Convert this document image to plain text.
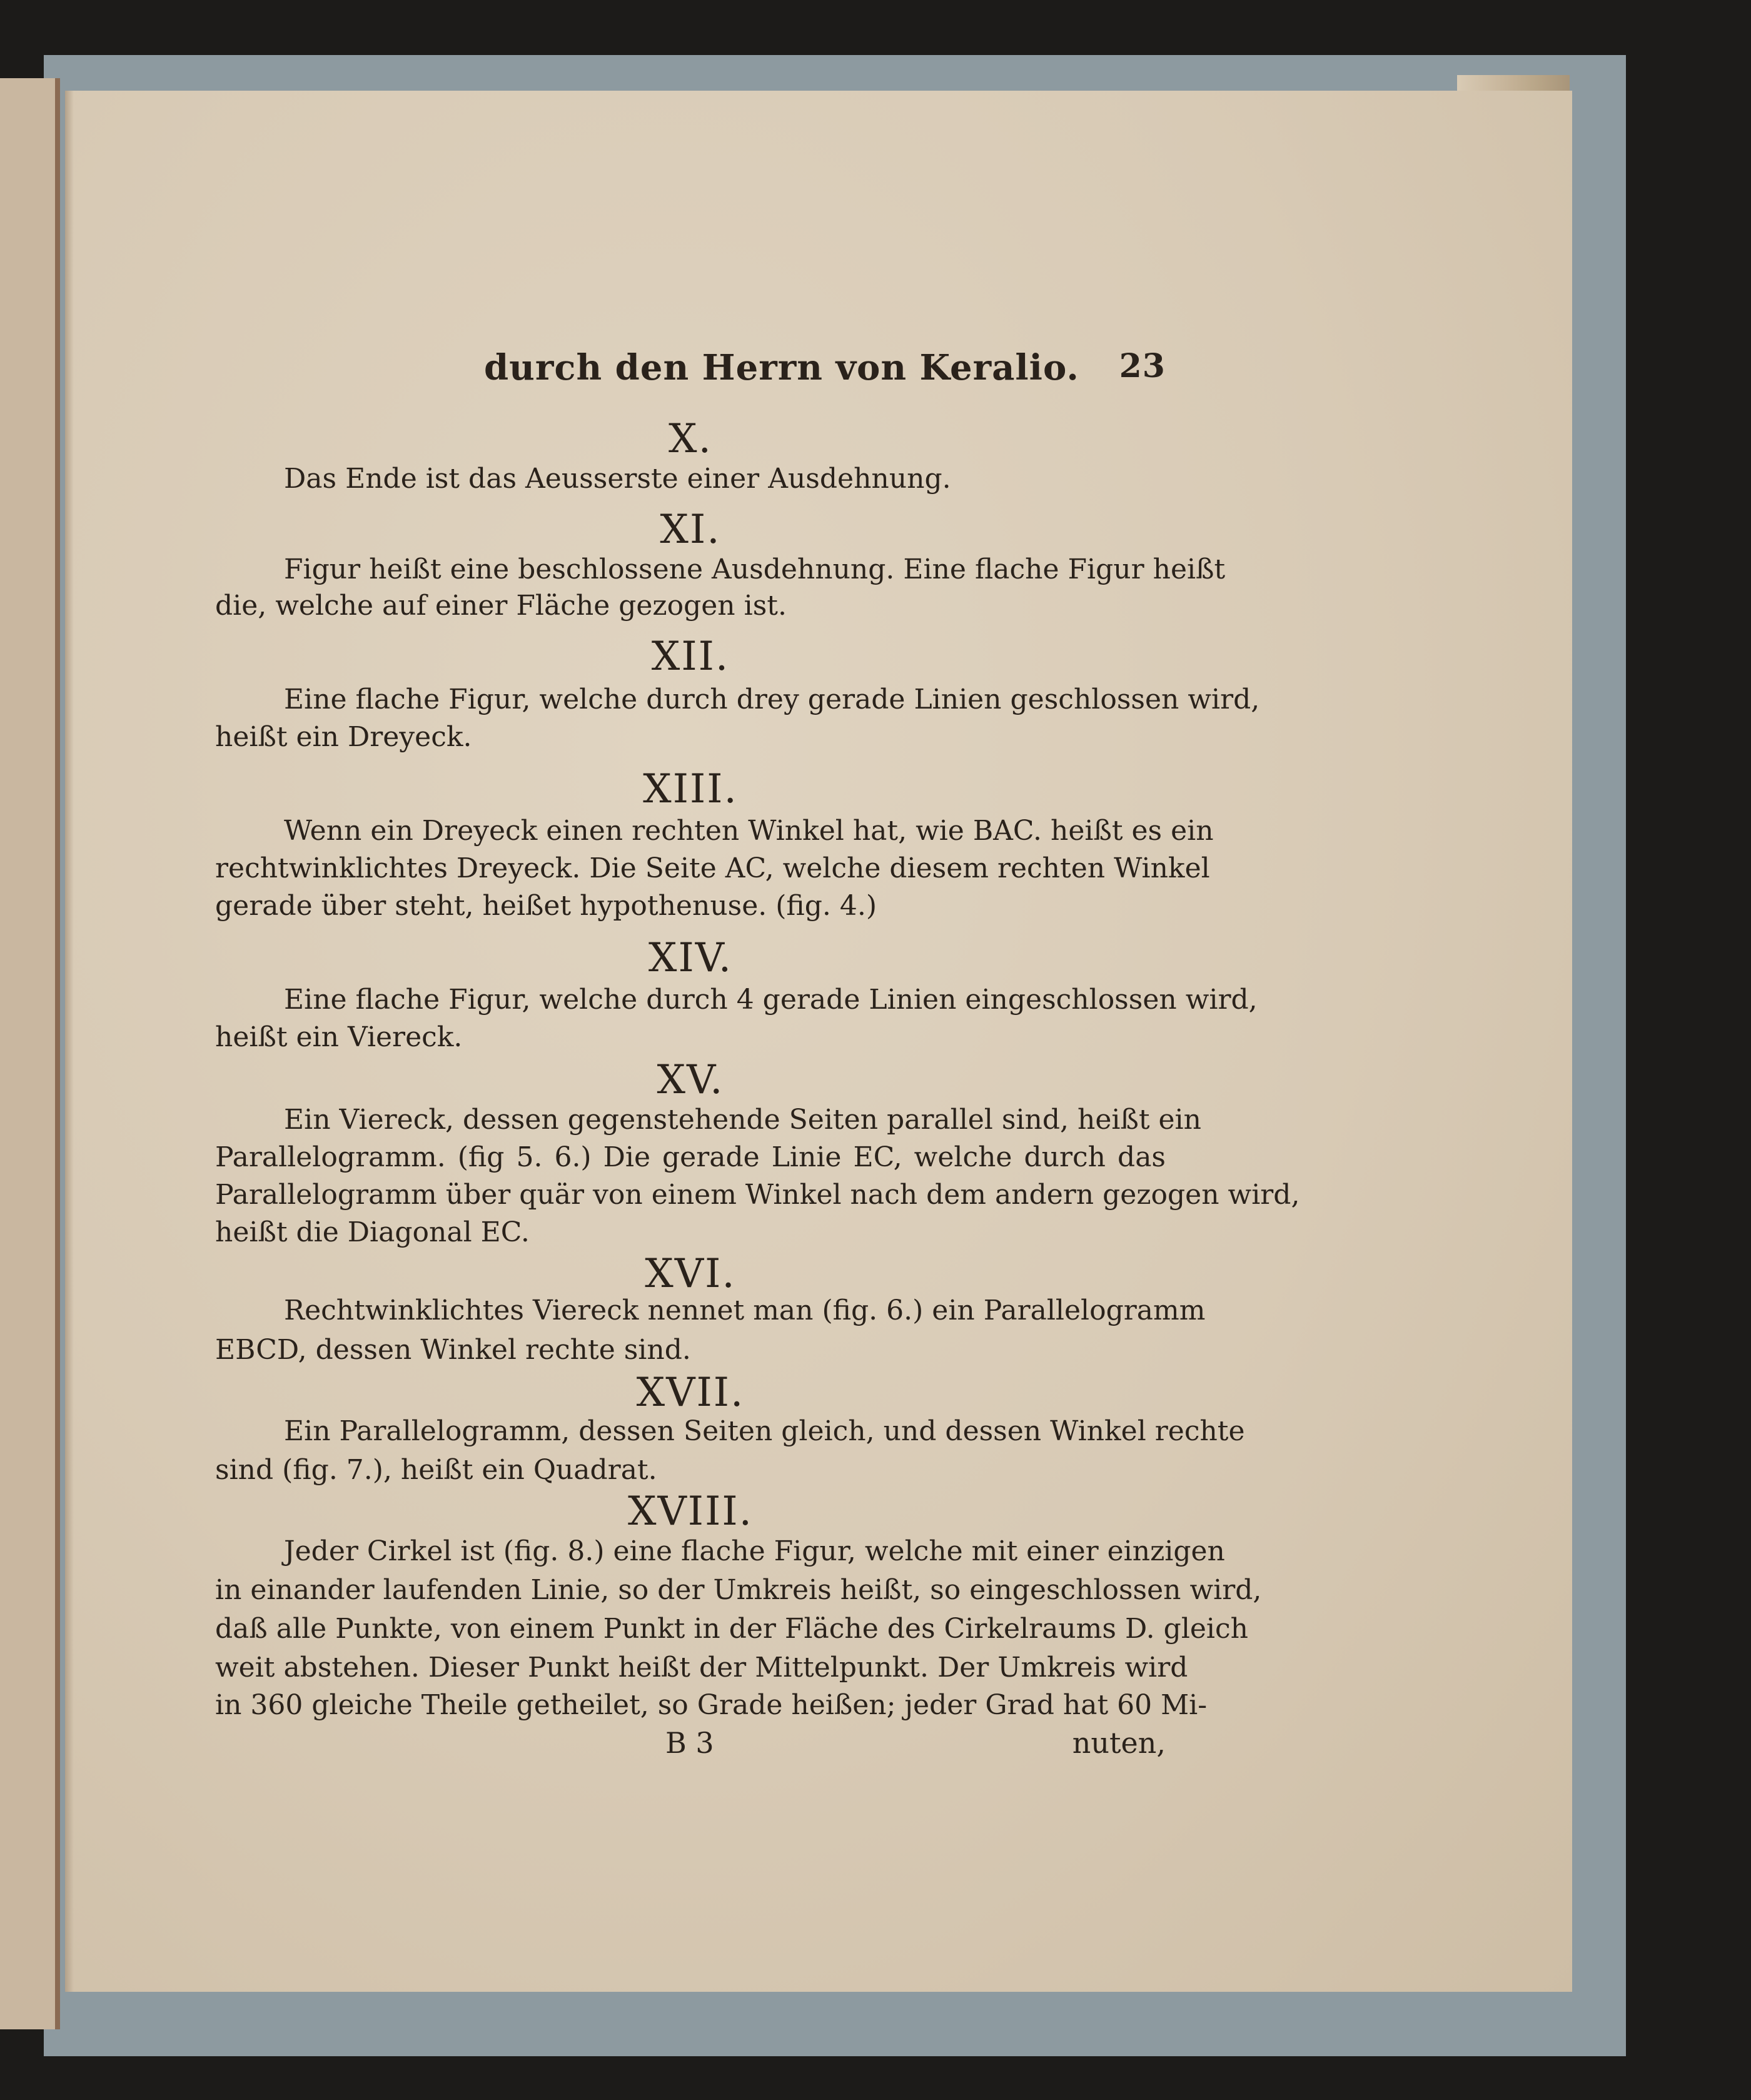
durch den Herrn von Keralio. 23
X.
Das Ende ist das Aeusserste einer Ausdehnung.
XI.
Figur heißt eine beschlossene Ausdehnung. Eine flache Figur heißt
die, welche auf einer Fläche gezogen ist.
XII.
Eine flache Figur, welche durch drey gerade Linien geschlossen wird,
heißt ein Dreyeck.
XIII.
Wenn ein Dreyeck einen rechten Winkel hat, wie BAC. heißt es ein
rechtwinklichtes Dreyeck. Die Seite AC, welche diesem rechten Winkel
gerade über steht, heißet hypothenuse. (fig. 4.)
XIV.
Eine flache Figur, welche durch 4 gerade Linien eingeschlossen wird,
heißt ein Viereck.
XV.
Ein Viereck, dessen gegenstehende Seiten parallel sind, heißt ein
Parallelogramm. (fig 5. 6.) Die gerade Linie EC, welche durch das
Parallelogramm über quär von einem Winkel nach dem andern gezogen wird,
heißt die Diagonal EC.
XVI.
Rechtwinklichtes Viereck nennet man (fig. 6.) ein Parallelogramm
EBCD, dessen Winkel rechte sind.
XVII.
Ein Parallelogramm, dessen Seiten gleich, und dessen Winkel rechte
sind (fig. 7.), heißt ein Quadrat.
XVIII.
Jeder Cirkel ist (fig. 8.) eine flache Figur, welche mit einer einzigen
in einander laufenden Linie, so der Umkreis heißt, so eingeschlossen wird,
daß alle Punkte, von einem Punkt in der Fläche des Cirkelraums D. gleich
weit abstehen. Dieser Punkt heißt der Mittelpunkt. Der Umkreis wird
in 360 gleiche Theile getheilet, so Grade heißen; jeder Grad hat 60 Mi-
B 3	nuten,
